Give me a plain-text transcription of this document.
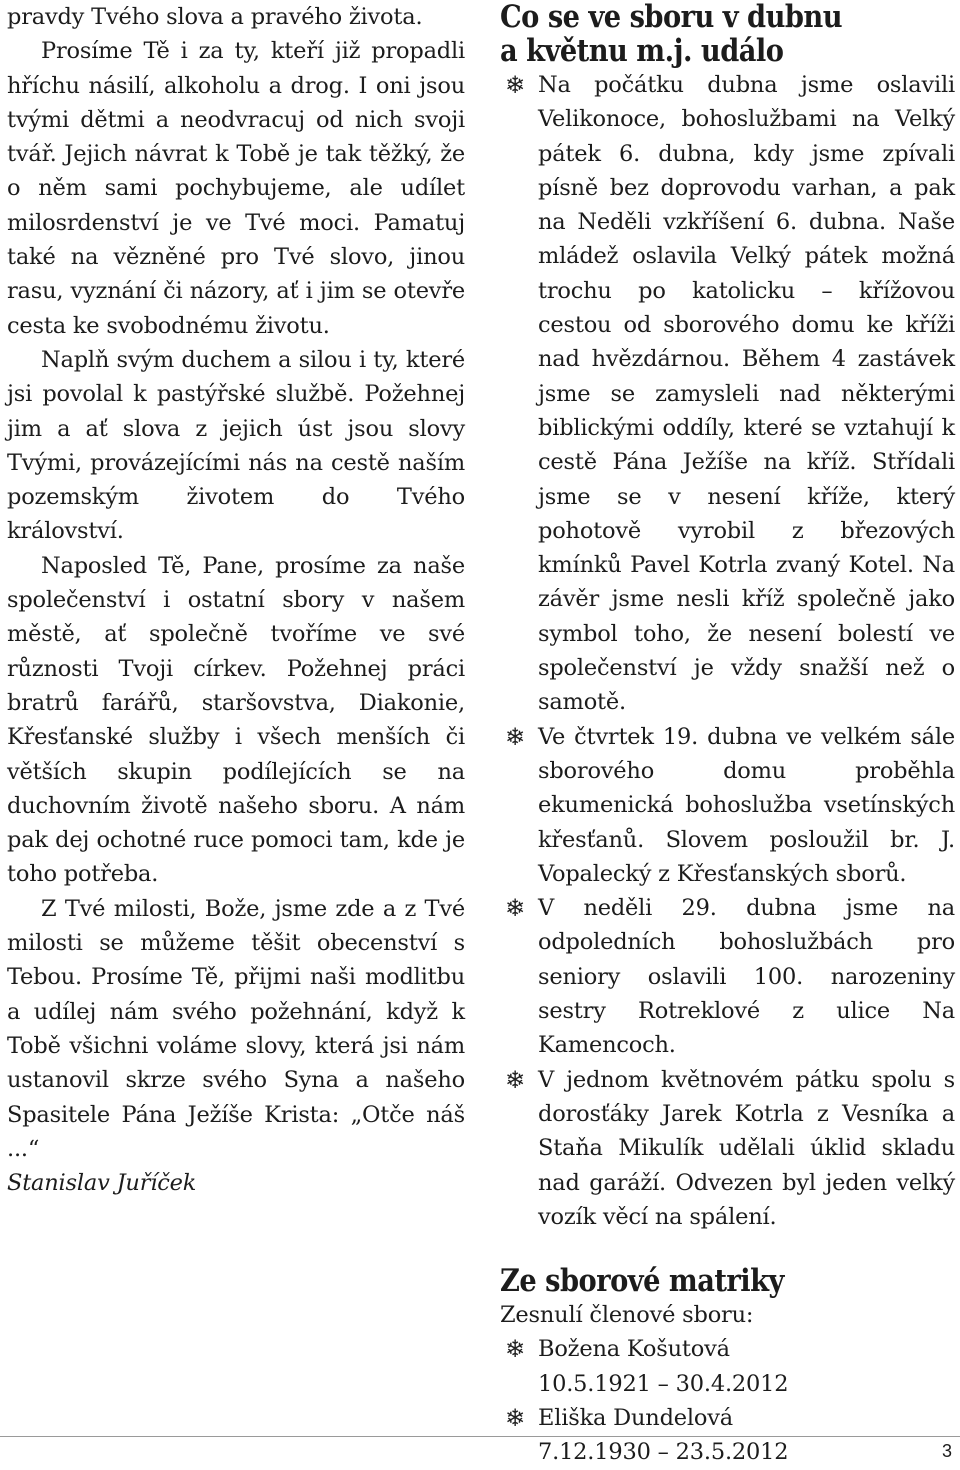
pravdy Tvého slova a pravého života.

Prosíme Tě i za ty, kteří již propadli hříchu násilí, alkoholu a drog. I oni jsou tvými dětmi a neodvracuj od nich svoji tvář. Jejich návrat k Tobě je tak těžký, že o něm sami pochybujeme, ale udílet milosrdenství je ve Tvé moci. Pamatuj také na vězněné pro Tvé slovo, jinou rasu, vyznání či názory, ať i jim se otevře cesta ke svobodnému životu.

Naplň svým duchem a silou i ty, které jsi povolal k pastýřské službě. Požehnej jim a ať slova z jejich úst jsou slovy Tvými, provázejícími nás na cestě naším pozemským životem do Tvého království.

Naposled Tě, Pane, prosíme za naše společenství i ostatní sbory v našem městě, ať společně tvoříme ve své různosti Tvoji církev. Požehnej práci bratrů farářů, staršovstva, Diakonie, Křesťanské služby i všech menších či větších skupin podílejících se na duchovním životě našeho sboru. A nám pak dej ochotné ruce pomoci tam, kde je toho potřeba.

Z Tvé milosti, Bože, jsme zde a z Tvé milosti se můžeme těšit obecenství s Tebou. Prosíme Tě, přijmi naši modlitbu a udílej nám svého požehnání, když k Tobě všichni voláme slovy, která jsi nám ustanovil skrze svého Syna a našeho Spasitele Pána Ježíše Krista: „Otče náš ...“

Stanislav Juříček

Co se ve sboru v dubnu
a květnu m.j. událo
❄ Na počátku dubna jsme oslavili Velikonoce, bohoslužbami na Velký pátek 6. dubna, kdy jsme zpívali písně bez doprovodu varhan, a pak na Neděli vzkříšení 6. dubna. Naše mládež oslavila Velký pátek možná trochu po katolicku – křížovou cestou od sborového domu ke kříži nad hvězdárnou. Během 4 zastávek jsme se zamysleli nad některými biblickými oddíly, které se vztahují k cestě Pána Ježíše na kříž. Střídali jsme se v nesení kříže, který pohotově vyrobil z březových kmínků Pavel Kotrla zvaný Kotel. Na závěr jsme nesli kříž společně jako symbol toho, že nesení bolestí ve společenství je vždy snažší než o samotě.
❄ Ve čtvrtek 19. dubna ve velkém sále sborového domu proběhla ekumenická bohoslužba vsetínských křesťanů. Slovem posloužil br. J. Vopalecký z Křesťanských sborů.
❄ V neděli 29. dubna jsme na odpoledních bohoslužbách pro seniory oslavili 100. narozeniny sestry Rotreklové z ulice Na Kamencoch.
❄ V jednom květnovém pátku spolu s dorosťáky Jarek Kotrla z Vesníka a Staňa Mikulík udělali úklid skladu nad garáží. Odvezen byl jeden velký vozík věcí na spálení.
Ze sborové matriky

Zesnulí členové sboru:

❄ Božena Košutová
10.5.1921 – 30.4.2012
❄ Eliška Dundelová
7.12.1930 – 23.5.2012	3
